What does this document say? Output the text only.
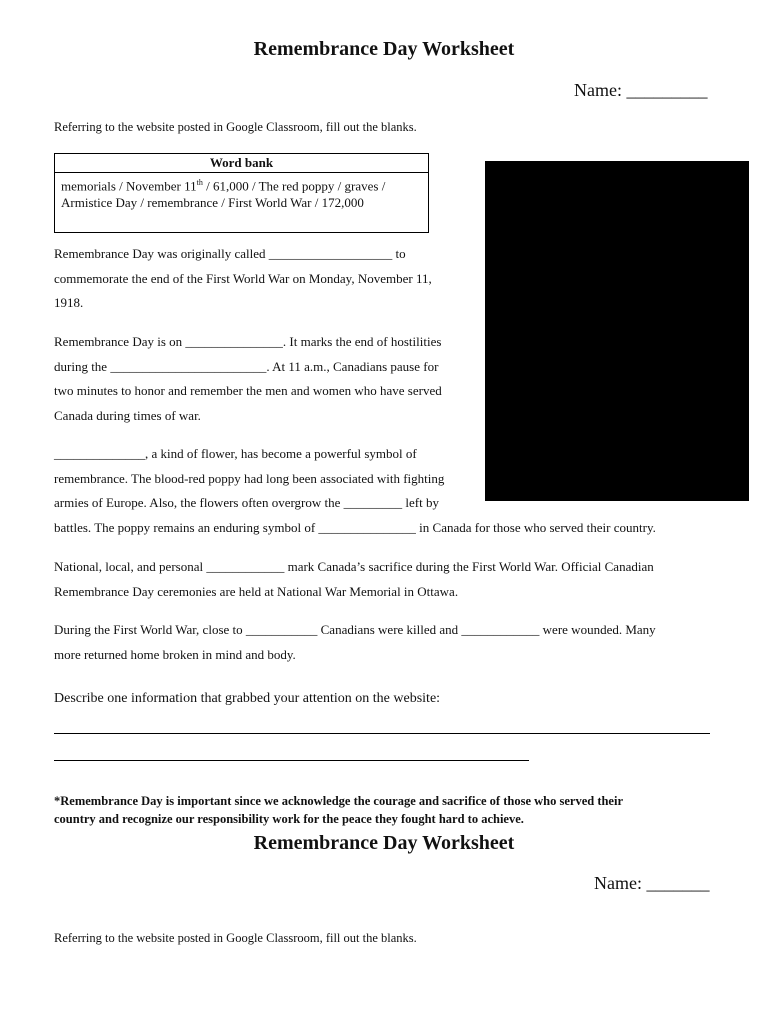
Remembrance Day Worksheet
Name: _________
Referring to the website posted in Google Classroom, fill out the blanks.
Word bank
memorials / November 11th / 61,000 / The red poppy / graves /
Armistice Day / remembrance / First World War / 172,000
Remembrance Day was originally called ___________________ to
commemorate the end of the First World War on Monday, November 11,
1918.
Remembrance Day is on _______________. It marks the end of hostilities
during the ________________________. At 11 a.m., Canadians pause for
two minutes to honor and remember the men and women who have served
Canada during times of war.
______________, a kind of flower, has become a powerful symbol of
remembrance. The blood-red poppy had long been associated with fighting
armies of Europe. Also, the flowers often overgrow the _________ left by
battles. The poppy remains an enduring symbol of _______________ in Canada for those who served their country.
National, local, and personal ____________ mark Canada’s sacrifice during the First World War. Official Canadian
Remembrance Day ceremonies are held at National War Memorial in Ottawa.
During the First World War, close to ___________ Canadians were killed and ____________ were wounded. Many
more returned home broken in mind and body.
Describe one information that grabbed your attention on the website:
*Remembrance Day is important since we acknowledge the courage and sacrifice of those who served their
country and recognize our responsibility work for the peace they fought hard to achieve.
Remembrance Day Worksheet
Name: _______
Referring to the website posted in Google Classroom, fill out the blanks.
